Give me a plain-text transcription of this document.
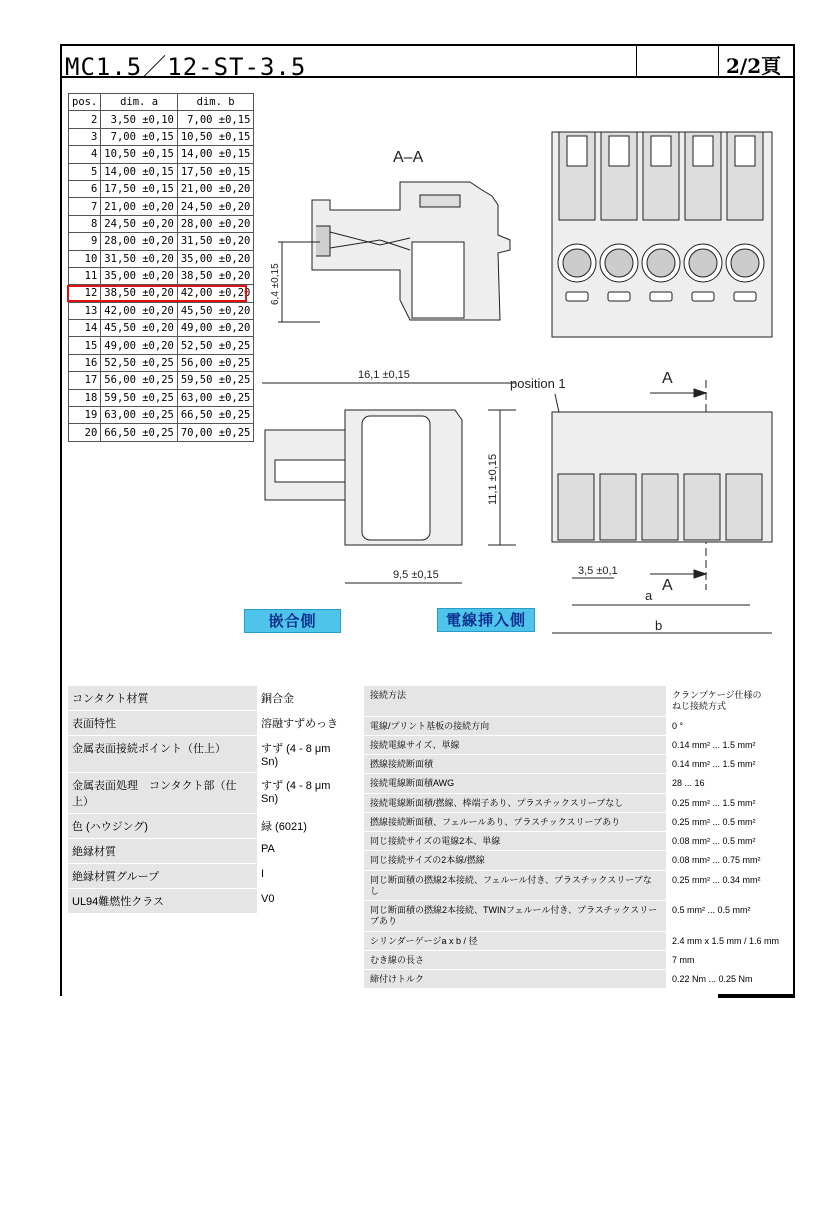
MC1.5／12-ST-3.5	2/2頁
pos.	dim. a	dim. b
2	3,50 ±0,10	7,00 ±0,15
3	7,00 ±0,15	10,50 ±0,15
4	10,50 ±0,15	14,00 ±0,15
5	14,00 ±0,15	17,50 ±0,15
6	17,50 ±0,15	21,00 ±0,20
7	21,00 ±0,20	24,50 ±0,20
8	24,50 ±0,20	28,00 ±0,20
9	28,00 ±0,20	31,50 ±0,20
10	31,50 ±0,20	35,00 ±0,20
11	35,00 ±0,20	38,50 ±0,20
12	38,50 ±0,20	42,00 ±0,20
13	42,00 ±0,20	45,50 ±0,20
14	45,50 ±0,20	49,00 ±0,20
15	49,00 ±0,20	52,50 ±0,25
16	52,50 ±0,25	56,00 ±0,25
17	56,00 ±0,25	59,50 ±0,25
18	59,50 ±0,25	63,00 ±0,25
19	63,00 ±0,25	66,50 ±0,25
20	66,50 ±0,25	70,00 ±0,25
A–A
6,4 ±0,15
16,1 ±0,15
11,1 ±0,15
9,5 ±0,15
position 1	A
A
3,5 ±0,1
a
b
嵌合側	電線挿入側
コンタクト材質	銅合金
表面特性	溶融すずめっき
金属表面接続ポイント（仕上）	すず (4 - 8 μm Sn)
金属表面処理　コンタクト部（仕上）	すず (4 - 8 μm Sn)
色 (ハウジング)	緑 (6021)
絶縁材質	PA
絶縁材質グループ	I
UL94難燃性クラス	V0
接続方法	クランプケージ仕様の
ねじ接続方式
電線/プリント基板の接続方向	0 °
接続電線サイズ、単線	0.14 mm² ... 1.5 mm²
撚線接続断面積	0.14 mm² ... 1.5 mm²
接続電線断面積AWG	28 ... 16
接続電線断面積/撚線、棒端子あり、プラスチックスリーブなし	0.25 mm² ... 1.5 mm²
撚線接続断面積、フェルールあり、プラスチックスリーブあり	0.25 mm² ... 0.5 mm²
同じ接続サイズの電線2本、単線	0.08 mm² ... 0.5 mm²
同じ接続サイズの2本線/撚線	0.08 mm² ... 0.75 mm²
同じ断面積の撚線2本接続、フェルール付き、プラスチックスリーブなし	0.25 mm² ... 0.34 mm²
同じ断面積の撚線2本接続、TWINフェルール付き、プラスチックスリーブあり	0.5 mm² ... 0.5 mm²
シリンダーゲージa x b / 径	2.4 mm x 1.5 mm / 1.6 mm
むき線の長さ	7 mm
締付けトルク	0.22 Nm ... 0.25 Nm
